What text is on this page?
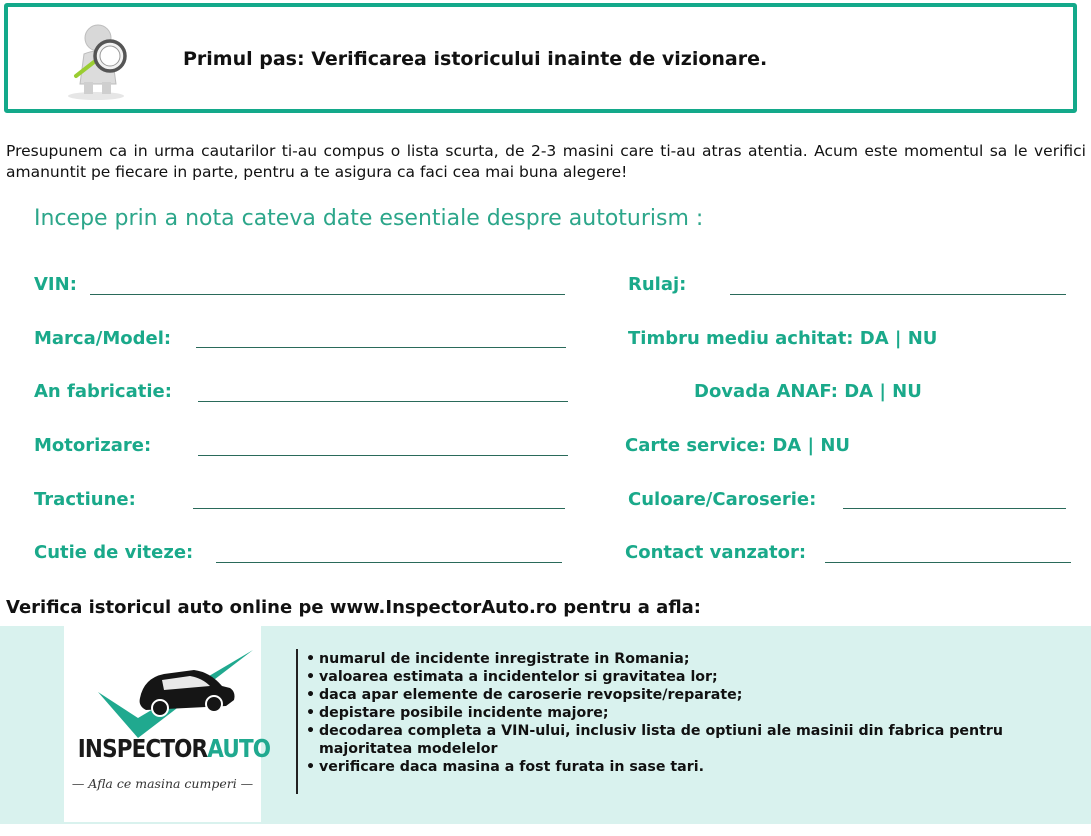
Primul pas: Verificarea istoricului inainte de vizionare.
Presupunem ca in urma cautarilor ti-au compus o lista scurta, de 2-3 masini care ti-au atras atentia. Acum este momentul sa le verifici amanuntit pe fiecare in parte, pentru a te asigura ca faci cea mai buna alegere!
Incepe prin a nota cateva date esentiale despre autoturism :
VIN:
Marca/Model:
An fabricatie:
Motorizare:
Tractiune:
Cutie de viteze:
Rulaj:
Timbru mediu achitat: DA | NU
Dovada ANAF: DA | NU
Carte service: DA | NU
Culoare/Caroserie:
Contact vanzator:
Verifica istoricul auto online pe www.InspectorAuto.ro pentru a afla:
INSPECTORAUTO
— Afla ce masina cumperi —
• numarul de incidente inregistrate in Romania;
• valoarea estimata a incidentelor si gravitatea lor;
• daca apar elemente de caroserie revopsite/reparate;
• depistare posibile incidente majore;
• decodarea completa a VIN-ului, inclusiv lista de optiuni ale masinii din fabrica pentru majoritatea modelelor
• verificare daca masina a fost furata in sase tari.
